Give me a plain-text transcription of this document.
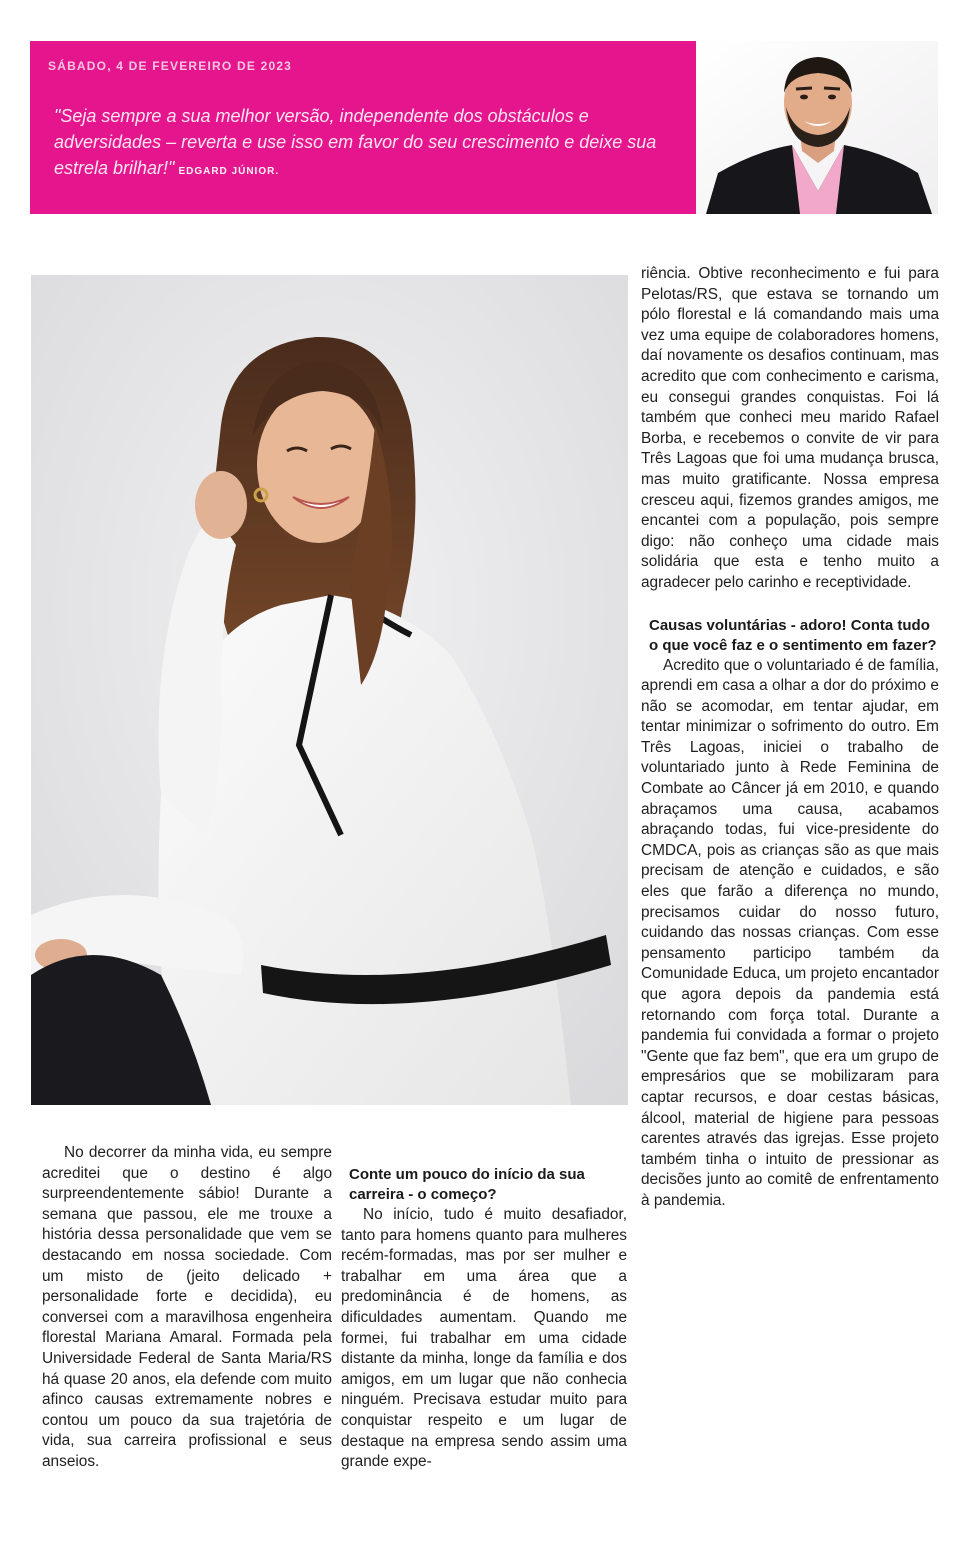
SÁBADO, 4 DE FEVEREIRO DE 2023
"Seja sempre a sua melhor versão, independente dos obstáculos e adversidades – reverta e use isso em favor do seu crescimento e deixe sua estrela brilhar!" EDGARD JÚNIOR.

No decorrer da minha vida, eu sempre acreditei que o destino é algo surpreendentemente sábio! Durante a semana que passou, ele me trouxe a história dessa personalidade que vem se destacando em nossa sociedade. Com um misto de (jeito delicado + personalidade forte e decidida), eu conversei com a maravilhosa engenheira florestal Mariana Amaral. Formada pela Universidade Federal de Santa Maria/RS há quase 20 anos, ela defende com muito afinco causas extremamente nobres e contou um pouco da sua trajetória de vida, sua carreira profissional e seus anseios.

Conte um pouco do início da sua carreira - o começo?

No início, tudo é muito desafiador, tanto para homens quanto para mulheres recém-formadas, mas por ser mulher e trabalhar em uma área que a predominância é de homens, as dificuldades aumentam. Quando me formei, fui trabalhar em uma cidade distante da minha, longe da família e dos amigos, em um lugar que não conhecia ninguém. Precisava estudar muito para conquistar respeito e um lugar de destaque na empresa sendo assim uma grande expe-

riência. Obtive reconhecimento e fui para Pelotas/RS, que estava se tornando um pólo florestal e lá comandando mais uma vez uma equipe de colaboradores homens, daí novamente os desafios continuam, mas acredito que com conhecimento e carisma, eu consegui grandes conquistas. Foi lá também que conheci meu marido Rafael Borba, e recebemos o convite de vir para Três Lagoas que foi uma mudança brusca, mas muito gratificante. Nossa empresa cresceu aqui, fizemos grandes amigos, me encantei com a população, pois sempre digo: não conheço uma cidade mais solidária que esta e tenho muito a agradecer pelo carinho e receptividade.

Causas voluntárias - adoro! Conta tudo o que você faz e o sentimento em fazer?

Acredito que o voluntariado é de família, aprendi em casa a olhar a dor do próximo e não se acomodar, em tentar ajudar, em tentar minimizar o sofrimento do outro. Em Três Lagoas, iniciei o trabalho de voluntariado junto à Rede Feminina de Combate ao Câncer já em 2010, e quando abraçamos uma causa, acabamos abraçando todas, fui vice-presidente do CMDCA, pois as crianças são as que mais precisam de atenção e cuidados, e são eles que farão a diferença no mundo, precisamos cuidar do nosso futuro, cuidando das nossas crianças. Com esse pensamento participo também da Comunidade Educa, um projeto encantador que agora depois da pandemia está retornando com força total. Durante a pandemia fui convidada a formar o projeto "Gente que faz bem", que era um grupo de empresários que se mobilizaram para captar recursos, e doar cestas básicas, álcool, material de higiene para pessoas carentes através das igrejas. Esse projeto também tinha o intuito de pressionar as decisões junto ao comitê de enfrentamento à pandemia.
